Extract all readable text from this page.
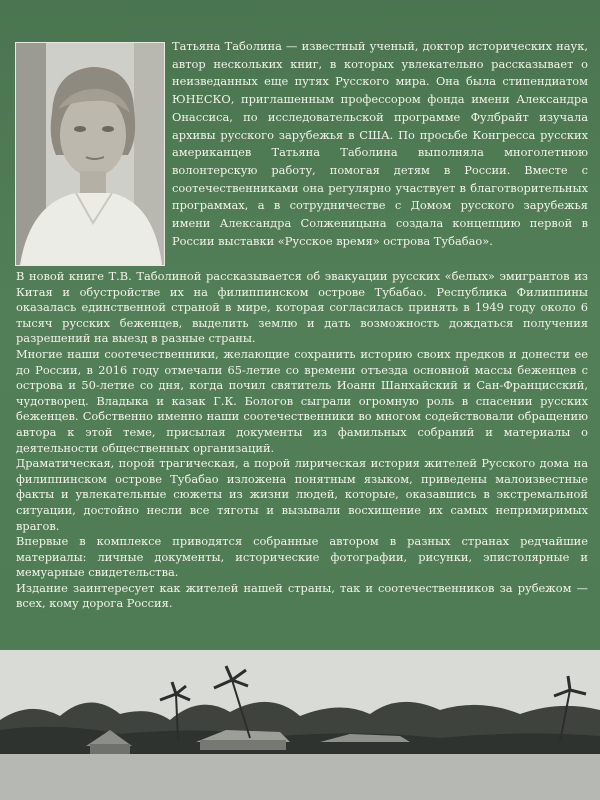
Татьяна Таболина — известный ученый, доктор исторических наук, автор нескольких книг, в которых увлекательно рассказывает о неизведанных еще путях Русского мира. Она была стипендиатом ЮНЕСКО, приглашенным профессором фонда имени Александра Онассиса, по исследовательской программе Фулбрайт изучала архивы русского зарубежья в США. По просьбе Конгресса русских американцев Татьяна Таболина выполняла многолетнюю волонтерскую работу, помогая детям в России. Вместе с соотечественниками она регулярно участвует в благотворительных программах, а в сотрудничестве с Домом русского зарубежья имени Александра Солженицына создала концепцию первой в России выставки «Русское время» острова Тубабао».

В новой книге Т.В. Таболиной рассказывается об эвакуации русских «белых» эмигрантов из Китая и обустройстве их на филиппинском острове Тубабао. Республика Филиппины оказалась единственной страной в мире, которая согласилась принять в 1949 году около 6 тысяч русских беженцев, выделить землю и дать возможность дождаться получения разрешений на выезд в разные страны.

Многие наши соотечественники, желающие сохранить историю своих предков и донести ее до России, в 2016 году отмечали 65-летие со времени отъезда основной массы беженцев с острова и 50-летие со дня, когда почил святитель Иоанн Шанхайский и Сан-Францисский, чудотворец. Владыка и казак Г.К. Бологов сыграли огромную роль в спасении русских беженцев. Собственно именно наши соотечественники во многом содействовали обращению автора к этой теме, присылая документы из фамильных собраний и материалы о деятельности общественных организаций.

Драматическая, порой трагическая, а порой лирическая история жителей Русского дома на филиппинском острове Тубабао изложена понятным языком, приведены малоизвестные факты и увлекательные сюжеты из жизни людей, которые, оказавшись в экстремальной ситуации, достойно несли все тяготы и вызывали восхищение их самых непримиримых врагов.

Впервые в комплексе приводятся собранные автором в разных странах редчайшие материалы: личные документы, исторические фотографии, рисунки, эпистолярные и мемуарные свидетельства.

Издание заинтересует как жителей нашей страны, так и соотечественников за рубежом — всех, кому дорога Россия.
